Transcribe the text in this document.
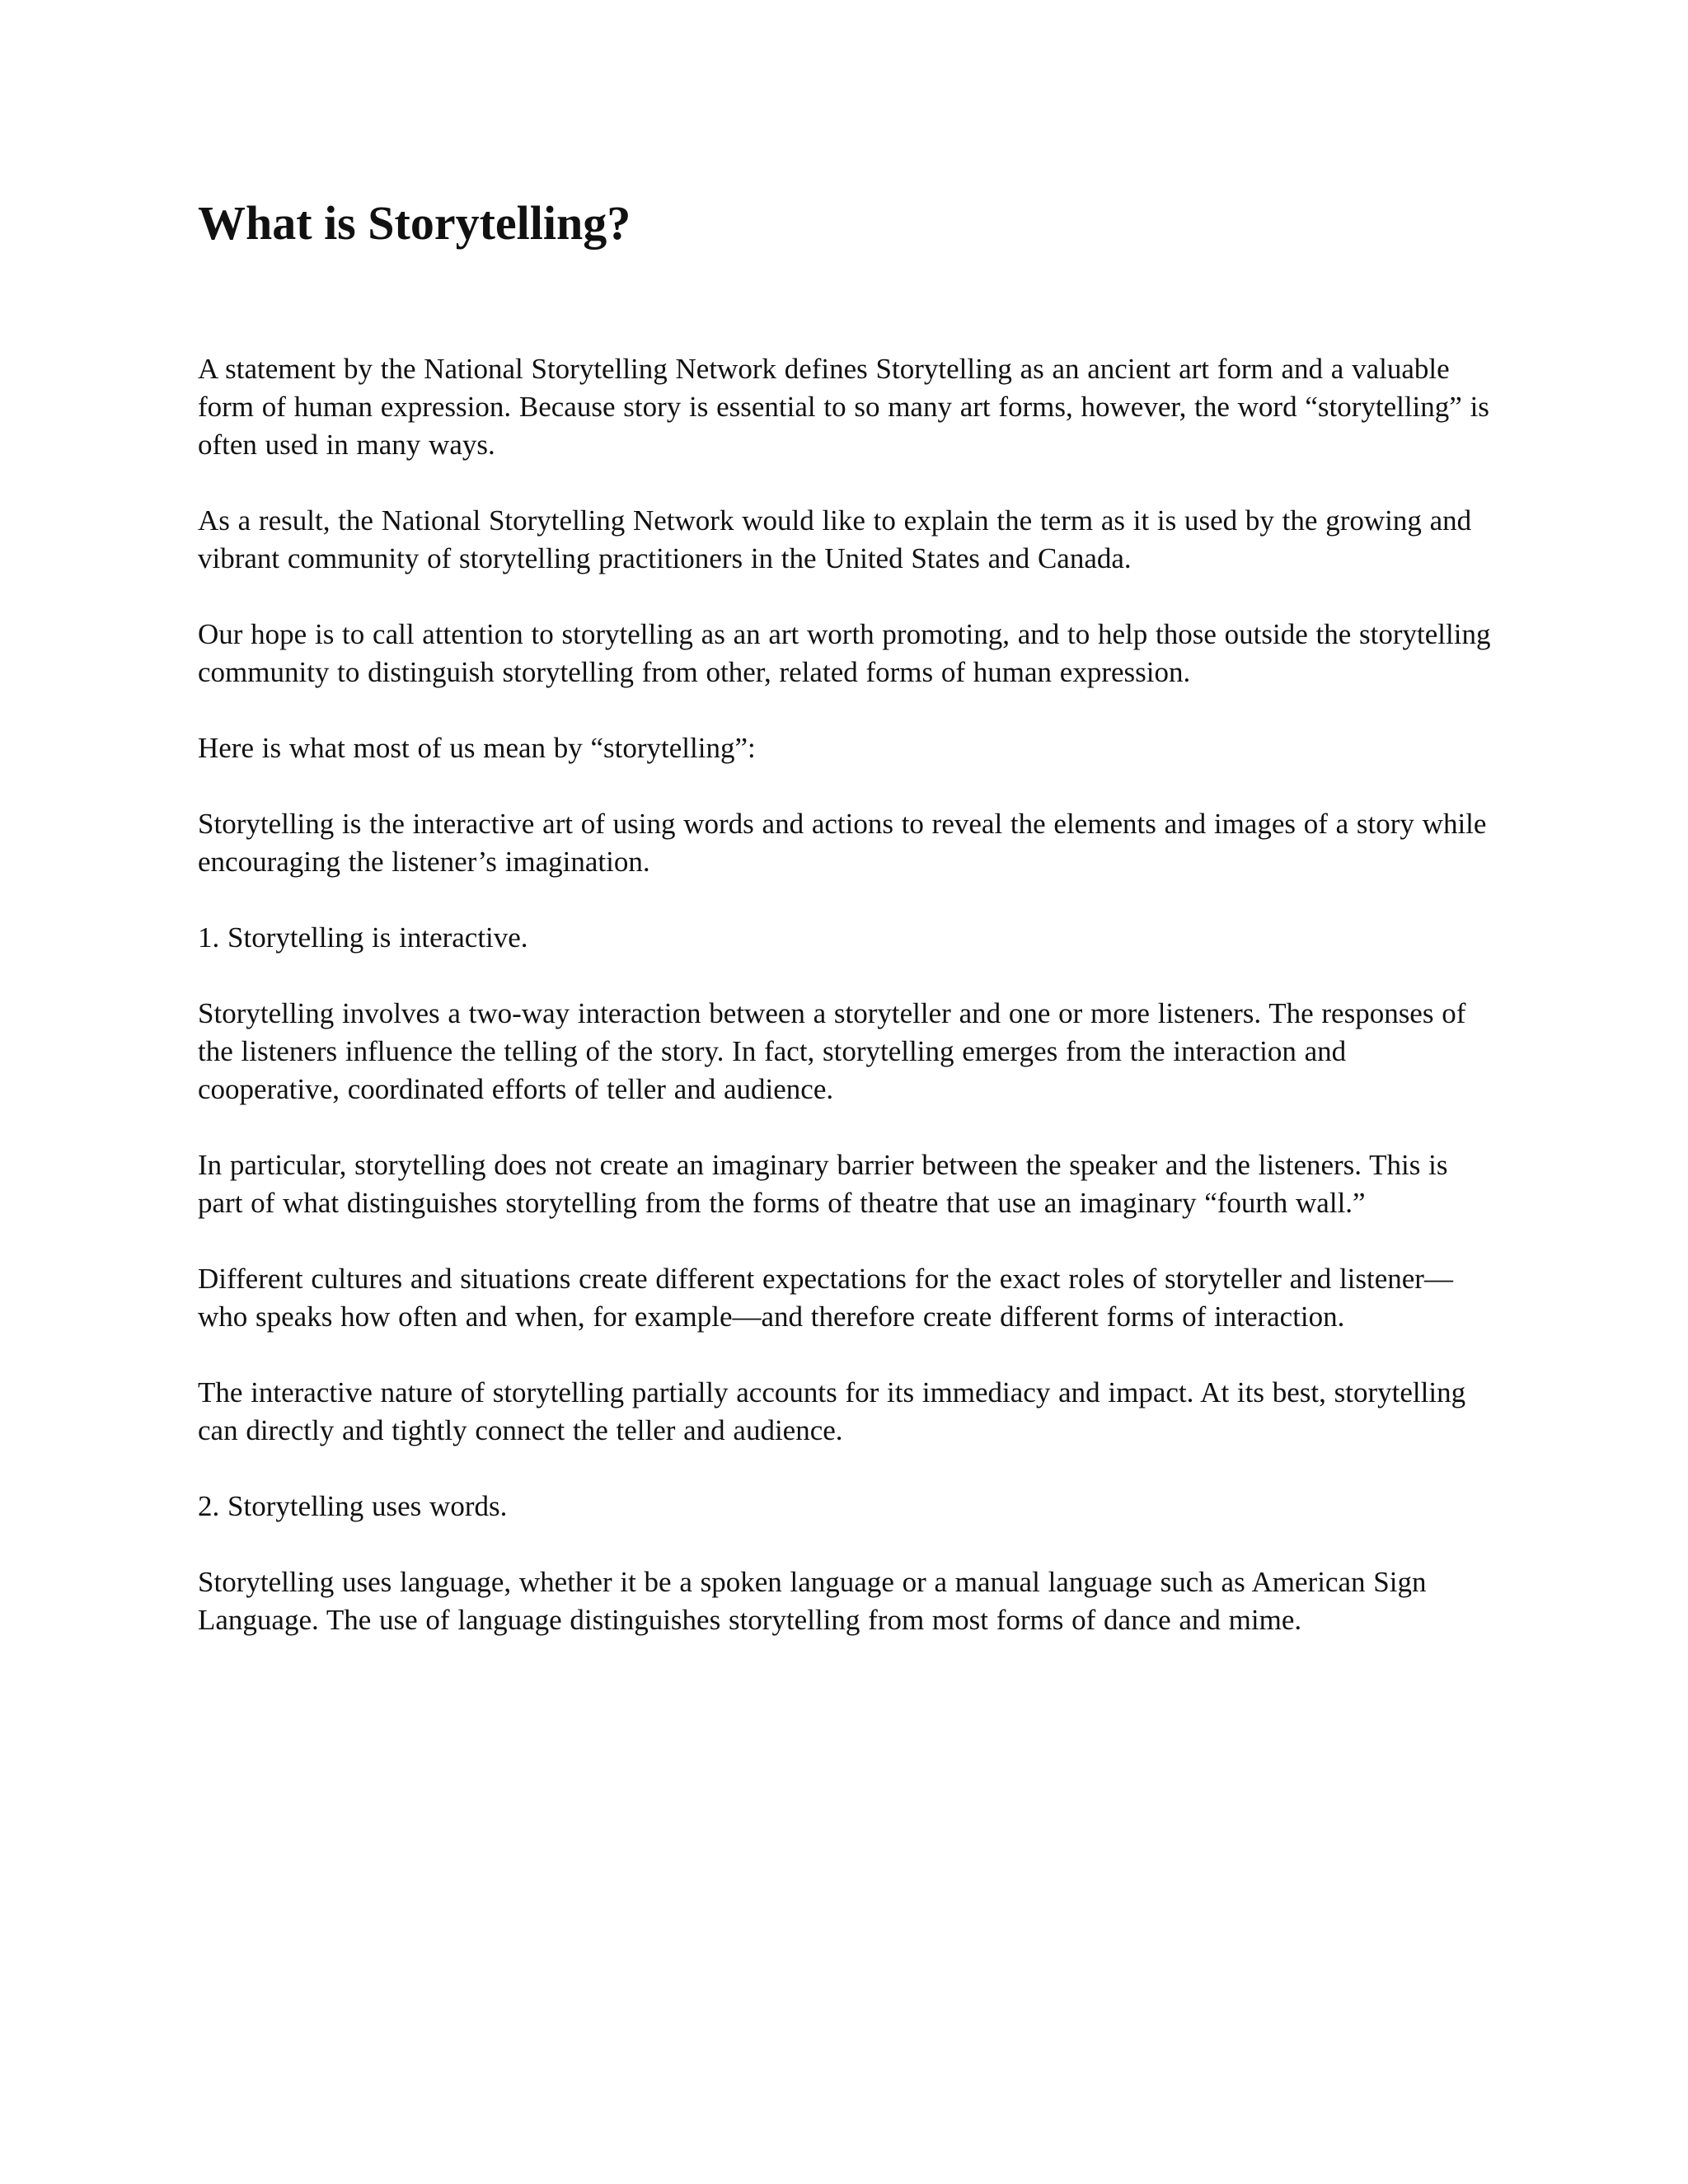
What is Storytelling?

A statement by the National Storytelling Network defines Storytelling as an ancient art form and a valuable form of human expression. Because story is essential to so many art forms, however, the word “storytelling” is often used in many ways.

As a result, the National Storytelling Network would like to explain the term as it is used by the growing and vibrant community of storytelling practitioners in the United States and Canada.

Our hope is to call attention to storytelling as an art worth promoting, and to help those outside the storytelling community to distinguish storytelling from other, related forms of human expression.

Here is what most of us mean by “storytelling”:

Storytelling is the interactive art of using words and actions to reveal the elements and images of a story while encouraging the listener’s imagination.

1. Storytelling is interactive.

Storytelling involves a two-way interaction between a storyteller and one or more listeners. The responses of the listeners influence the telling of the story. In fact, storytelling emerges from the interaction and cooperative, coordinated efforts of teller and audience.

In particular, storytelling does not create an imaginary barrier between the speaker and the listeners. This is part of what distinguishes storytelling from the forms of theatre that use an imaginary “fourth wall.”

Different cultures and situations create different expectations for the exact roles of storyteller and listener—who speaks how often and when, for example—and therefore create different forms of interaction.

The interactive nature of storytelling partially accounts for its immediacy and impact. At its best, storytelling can directly and tightly connect the teller and audience.

2. Storytelling uses words.

Storytelling uses language, whether it be a spoken language or a manual language such as American Sign Language. The use of language distinguishes storytelling from most forms of dance and mime.
